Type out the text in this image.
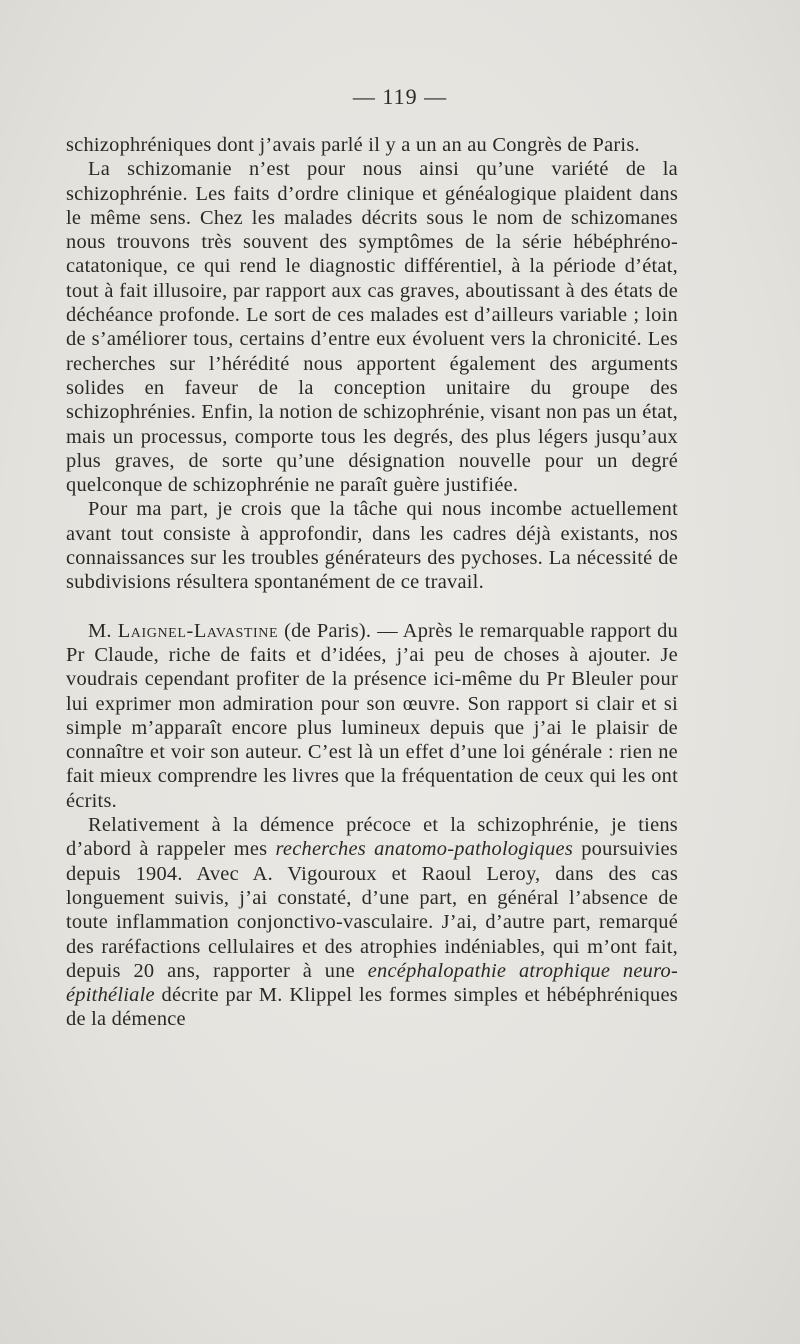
— 119 —

schizophréniques dont j’avais parlé il y a un an au Congrès de Paris.

La schizomanie n’est pour nous ainsi qu’une variété de la schizophrénie. Les faits d’ordre clinique et généalogique plaident dans le même sens. Chez les malades décrits sous le nom de schizomanes nous trouvons très souvent des symptômes de la série hébéphréno-catatonique, ce qui rend le diagnostic différentiel, à la période d’état, tout à fait illusoire, par rapport aux cas graves, aboutissant à des états de déchéance profonde. Le sort de ces malades est d’ailleurs variable ; loin de s’améliorer tous, certains d’entre eux évoluent vers la chronicité. Les recherches sur l’hérédité nous apportent également des arguments solides en faveur de la conception unitaire du groupe des schizophrénies. Enfin, la notion de schizophrénie, visant non pas un état, mais un processus, comporte tous les degrés, des plus légers jusqu’aux plus graves, de sorte qu’une désignation nouvelle pour un degré quelconque de schizophrénie ne paraît guère justifiée.

Pour ma part, je crois que la tâche qui nous incombe actuellement avant tout consiste à approfondir, dans les cadres déjà existants, nos connaissances sur les troubles générateurs des pychoses. La nécessité de subdivisions résultera spontanément de ce travail.

M. Laignel-Lavastine (de Paris). — Après le remarquable rapport du Pr Claude, riche de faits et d’idées, j’ai peu de choses à ajouter. Je voudrais cependant profiter de la présence ici-même du Pr Bleuler pour lui exprimer mon admiration pour son œuvre. Son rapport si clair et si simple m’apparaît encore plus lumineux depuis que j’ai le plaisir de connaître et voir son auteur. C’est là un effet d’une loi générale : rien ne fait mieux comprendre les livres que la fréquentation de ceux qui les ont écrits.

Relativement à la démence précoce et la schizophrénie, je tiens d’abord à rappeler mes recherches anatomo-pathologiques poursuivies depuis 1904. Avec A. Vigouroux et Raoul Leroy, dans des cas longuement suivis, j’ai constaté, d’une part, en général l’absence de toute inflammation conjonctivo-vasculaire. J’ai, d’autre part, remarqué des raréfactions cellulaires et des atrophies indéniables, qui m’ont fait, depuis 20 ans, rapporter à une encéphalopathie atrophique neuro-épithéliale décrite par M. Klippel les formes simples et hébéphréniques de la démence
